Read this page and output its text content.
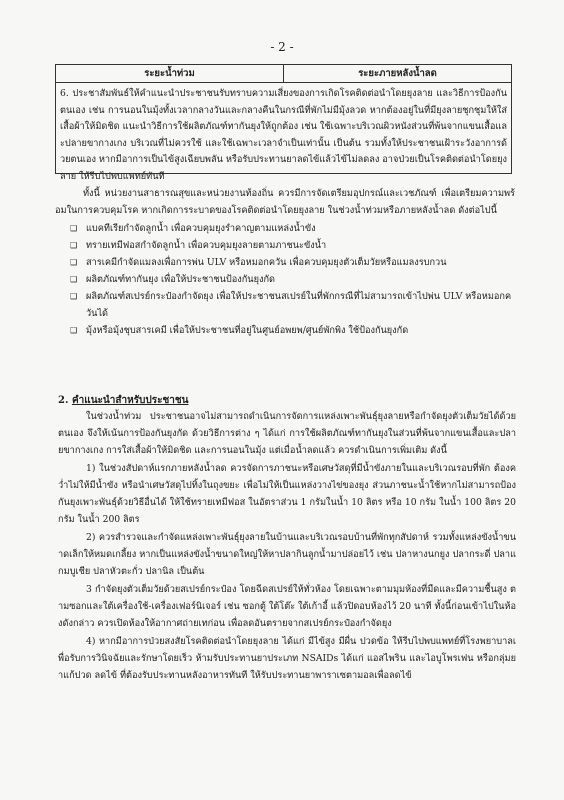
- 2 -
ระยะน้ำท่วม	ระยะภายหลังน้ำลด
6. ประชาสัมพันธ์ให้คำแนะนำประชาชนรับทราบความเสี่ยงของการเกิดโรคติดต่อนำโดยยุงลาย และวิธีการป้องกันตนเอง เช่น การนอนในมุ้งทั้งเวลากลางวันและกลางคืนในกรณีที่พักไม่มีมุ้งลวด หากต้องอยู่ในที่มียุงลายชุกชุมให้ใส่เสื้อผ้าให้มิดชิด แนะนำวิธีการใช้ผลิตภัณฑ์ทากันยุงให้ถูกต้อง เช่น ใช้เฉพาะบริเวณผิวหนังส่วนที่พ้นจากแขนเสื้อและปลายขากางเกง บริเวณที่ไม่ควรใช้ และใช้เฉพาะเวลาจำเป็นเท่านั้น เป็นต้น รวมทั้งให้ประชาชนเฝ้าระวังอาการด้วยตนเอง หากมีอาการเป็นไข้สูงเฉียบพลัน หรือรับประทานยาลดไข้แล้วไข้ไม่ลดลง อาจป่วยเป็นโรคติดต่อนำโดยยุงลาย ให้รีบไปพบแพทย์ทันที
ทั้งนี้ หน่วยงานสาธารณสุขและหน่วยงานท้องถิ่น ควรมีการจัดเตรียมอุปกรณ์และเวชภัณฑ์ เพื่อเตรียมความพร้อมในการควบคุมโรค หากเกิดการระบาดของโรคติดต่อนำโดยยุงลาย ในช่วงน้ำท่วมหรือภายหลังน้ำลด ดังต่อไปนี้
❑ แบคทีเรียกำจัดลูกน้ำ เพื่อควบคุมยุงรำคาญตามแหล่งน้ำขัง
❑ ทรายเทมีฟอสกำจัดลูกน้ำ เพื่อควบคุมยุงลายตามภาชนะขังน้ำ
❑ สารเคมีกำจัดแมลงเพื่อการพ่น ULV หรือหมอกควัน เพื่อควบคุมยุงตัวเต็มวัยหรือแมลงรบกวน
❑ ผลิตภัณฑ์ทากันยุง เพื่อให้ประชาชนป้องกันยุงกัด
❑ ผลิตภัณฑ์สเปรย์กระป๋องกำจัดยุง เพื่อให้ประชาชนสเปรย์ในที่พักกรณีที่ไม่สามารถเข้าไปพ่น ULV หรือหมอกควันได้
❑ มุ้งหรือมุ้งชุบสารเคมี เพื่อให้ประชาชนที่อยู่ในศูนย์อพยพ/ศูนย์พักพิง ใช้ป้องกันยุงกัด
2. คำแนะนำสำหรับประชาชน

ในช่วงน้ำท่วม ประชาชนอาจไม่สามารถดำเนินการจัดการแหล่งเพาะพันธุ์ยุงลายหรือกำจัดยุงตัวเต็มวัยได้ด้วยตนเอง จึงให้เน้นการป้องกันยุงกัด ด้วยวิธีการต่าง ๆ ได้แก่ การใช้ผลิตภัณฑ์ทากันยุงในส่วนที่พ้นจากแขนเสื้อและปลายขากางเกง การใส่เสื้อผ้าให้มิดชิด และการนอนในมุ้ง แต่เมื่อน้ำลดแล้ว ควรดำเนินการเพิ่มเติม ดังนี้

1) ในช่วงสัปดาห์แรกภายหลังน้ำลด ควรจัดการภาชนะหรือเศษวัสดุที่มีน้ำขังภายในและบริเวณรอบที่พัก ต้องคว่ำไม่ให้มีน้ำขัง หรือนำเศษวัสดุไปทิ้งในถุงขยะ เพื่อไม่ให้เป็นแหล่งวางไข่ของยุง ส่วนภาชนะน้ำใช้หากไม่สามารถป้องกันยุงเพาะพันธุ์ด้วยวิธีอื่นได้ ให้ใช้ทรายเทมีฟอส ในอัตราส่วน 1 กรัมในน้ำ 10 ลิตร หรือ 10 กรัม ในน้ำ 100 ลิตร 20 กรัม ในน้ำ 200 ลิตร

2) ควรสำรวจและกำจัดแหล่งเพาะพันธุ์ยุงลายในบ้านและบริเวณรอบบ้านที่พักทุกสัปดาห์ รวมทั้งแหล่งขังน้ำขนาดเล็กให้หมดเกลี้ยง หากเป็นแหล่งขังน้ำขนาดใหญ่ให้หาปลากินลูกน้ำมาปล่อยไว้ เช่น ปลาหางนกยูง ปลากระดี่ ปลาแกมบูเชีย ปลาหัวตะกั่ว ปลานิล เป็นต้น

3 กำจัดยุงตัวเต็มวัยด้วยสเปรย์กระป๋อง โดยฉีดสเปรย์ให้ทั่วห้อง โดยเฉพาะตามมุมห้องที่มืดและมีความชื้นสูง ตามซอกและใต้เครื่องใช้-เครื่องเฟอร์นิเจอร์ เช่น ซอกตู้ ใต้โต๊ะ ใต้เก้าอี้ แล้วปิดอบห้องไว้ 20 นาที ทั้งนี้ก่อนเข้าไปในห้องดังกล่าว ควรเปิดห้องให้อากาศถ่ายเทก่อน เพื่อลดอันตรายจากสเปรย์กระป๋องกำจัดยุง

4) หากมีอาการป่วยสงสัยโรคติดต่อนำโดยยุงลาย ได้แก่ มีไข้สูง มีผื่น ปวดข้อ ให้รีบไปพบแพทย์ที่โรงพยาบาลเพื่อรับการวินิจฉัยและรักษาโดยเร็ว ห้ามรับประทานยาประเภท NSAIDs ได้แก่ แอสไพริน และไอบูโพรเฟน หรือกลุ่มยาแก้ปวด ลดไข้ ที่ต้องรับประทานหลังอาหารทันที ให้รับประทานยาพาราเซตามอลเพื่อลดไข้
